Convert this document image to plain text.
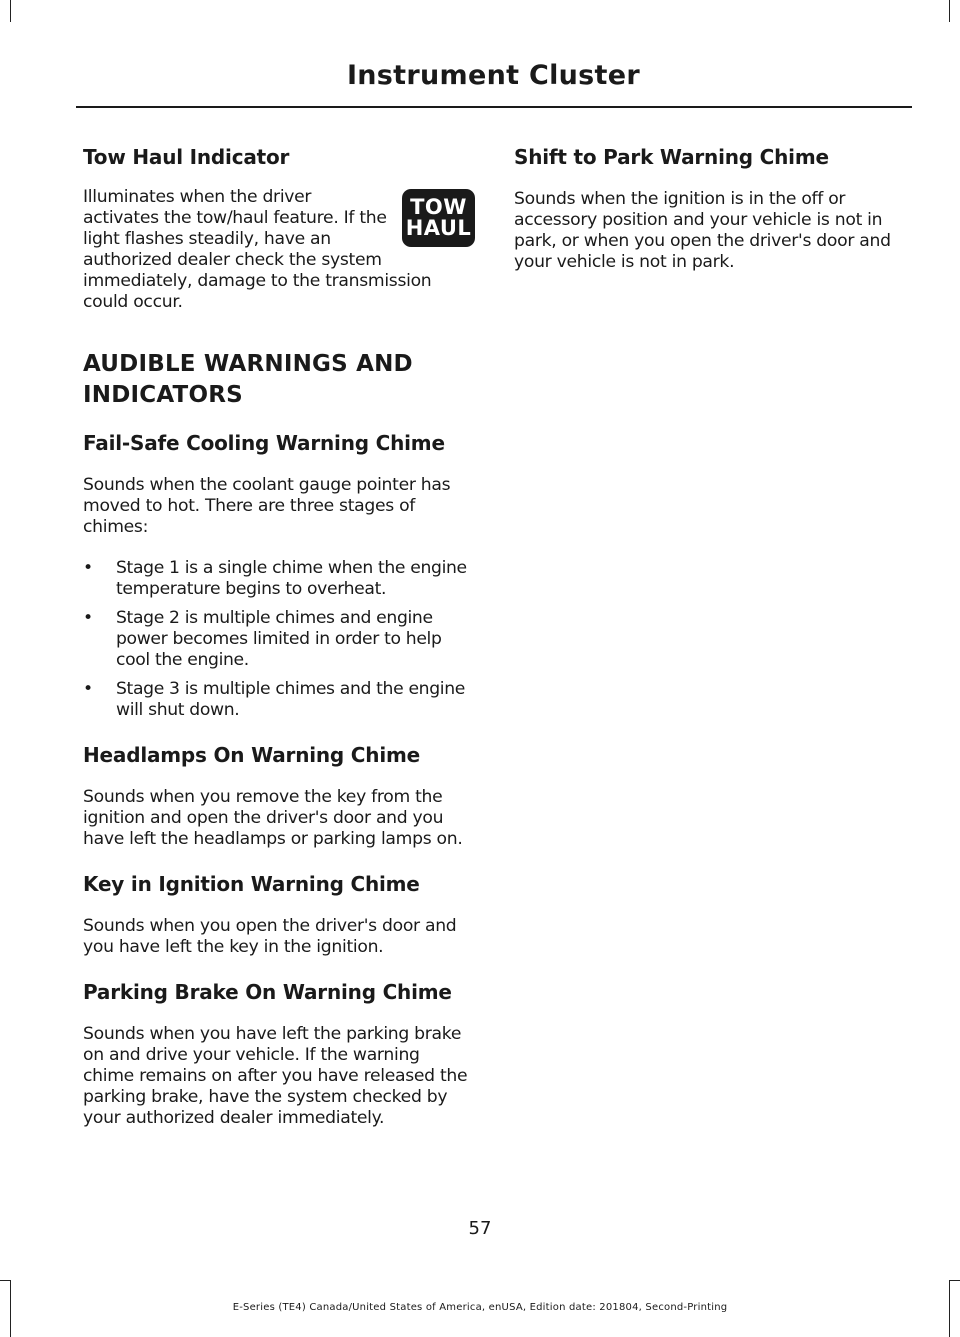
Instrument Cluster
Tow Haul Indicator
TOW
HAUL

Illuminates when the driver activates the tow/haul feature. If the light flashes steadily, have an authorized dealer check the system immediately, damage to the transmission could occur.

AUDIBLE WARNINGS AND
INDICATORS
Fail-Safe Cooling Warning Chime

Sounds when the coolant gauge pointer has moved to hot. There are three stages of chimes:

• Stage 1 is a single chime when the engine temperature begins to overheat.
• Stage 2 is multiple chimes and engine power becomes limited in order to help cool the engine.
• Stage 3 is multiple chimes and the engine will shut down.
Headlamps On Warning Chime

Sounds when you remove the key from the ignition and open the driver's door and you have left the headlamps or parking lamps on.

Key in Ignition Warning Chime

Sounds when you open the driver's door and you have left the key in the ignition.

Parking Brake On Warning Chime

Sounds when you have left the parking brake on and drive your vehicle. If the warning chime remains on after you have released the parking brake, have the system checked by your authorized dealer immediately.

Shift to Park Warning Chime

Sounds when the ignition is in the off or accessory position and your vehicle is not in park, or when you open the driver's door and your vehicle is not in park.

57
E-Series (TE4) Canada/United States of America, enUSA, Edition date: 201804, Second-Printing
